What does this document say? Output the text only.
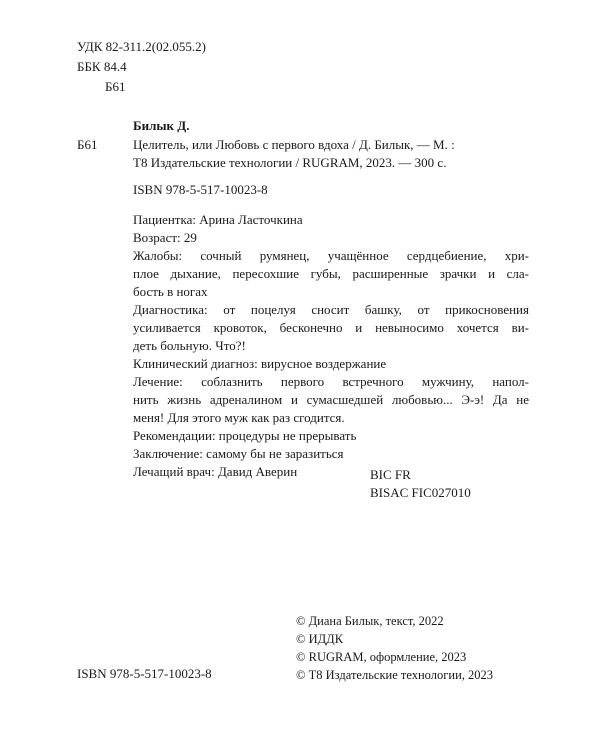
УДК 82-311.2(02.055.2)
ББК 84.4
Б61
Билык Д.
Б61	Целитель, или Любовь с первого вдоха / Д. Билык, — М. :
Т8 Издательские технологии / RUGRAM, 2023. — 300 с.
ISBN 978-5-517-10023-8

Пациентка: Арина Ласточкина

Возраст: 29

Жалобы: сочный румянец, учащённое сердцебиение, хри-
плое дыхание, пересохшие губы, расширенные зрачки и сла-
бость в ногах

Диагностика: от поцелуя сносит башку, от прикосновения
усиливается кровоток, бесконечно и невыносимо хочется ви-
деть больную. Что?!

Клинический диагноз: вирусное воздержание

Лечение: соблазнить первого встречного мужчину, напол-
нить жизнь адреналином и сумасшедшей любовью... Э-э! Да не
меня! Для этого муж как раз сгодится.

Рекомендации: процедуры не прерывать

Заключение: самому бы не заразиться

Лечащий врач: Давид Аверин	BIC FR
BISAC FIC027010
ISBN 978-5-517-10023-8
© Диана Билык, текст, 2022
© ИДДК
© RUGRAM, оформление, 2023
© Т8 Издательские технологии, 2023
